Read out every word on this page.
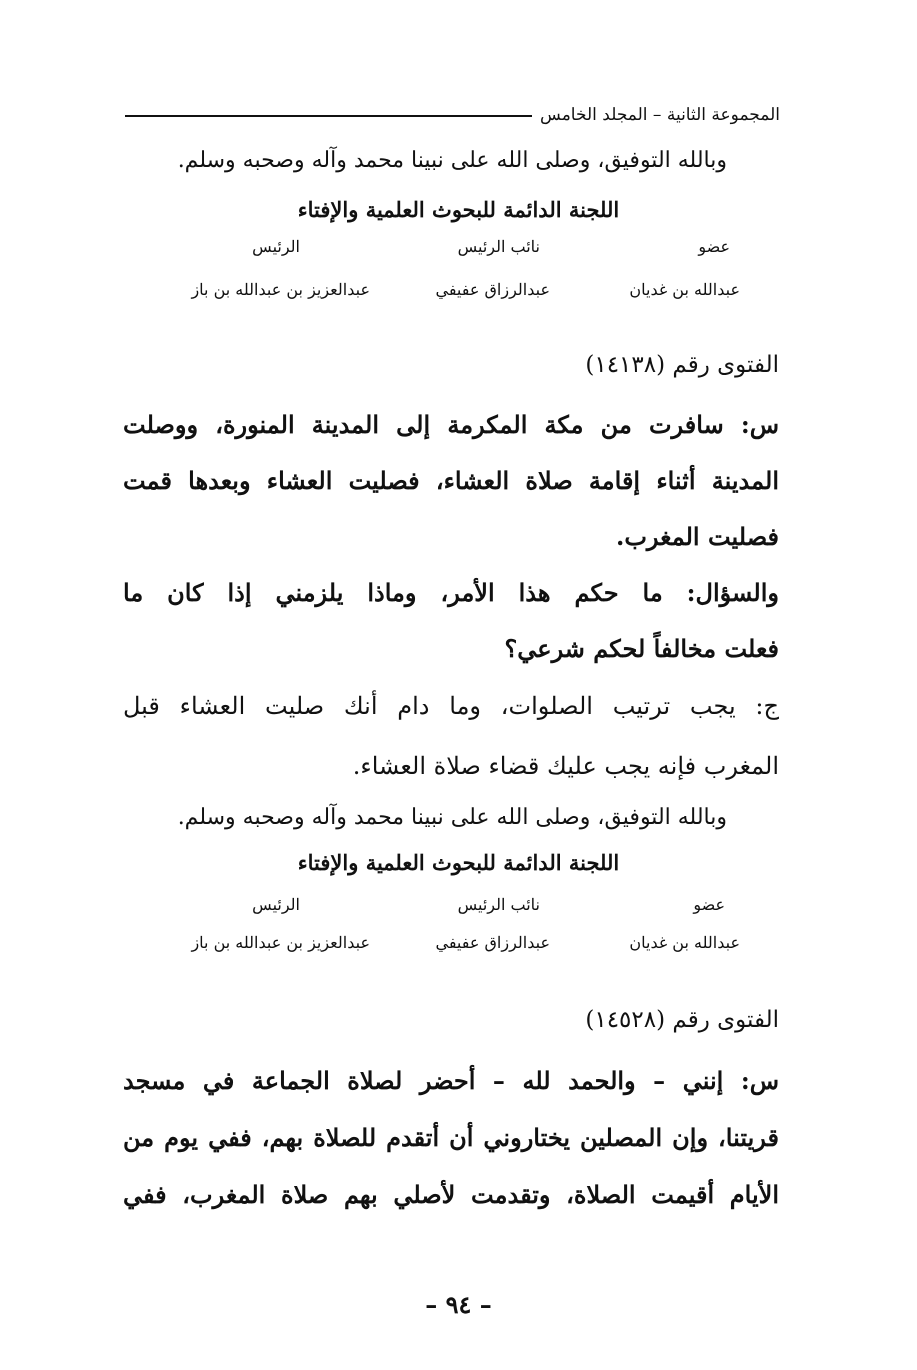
المجموعة الثانية – المجلد الخامس
وبالله التوفيق، وصلى الله على نبينا محمد وآله وصحبه وسلم.
اللجنة الدائمة للبحوث العلمية والإفتاء
الرئيس	نائب الرئيس	عضو
عبدالعزيز بن عبدالله بن باز	عبدالرزاق عفيفي	عبدالله بن غديان
الفتوى رقم (١٤١٣٨)
س: سافرت من مكة المكرمة إلى المدينة المنورة، ووصلت
المدينة أثناء إقامة صلاة العشاء، فصليت العشاء وبعدها قمت
فصليت المغرب.
والسؤال: ما حكم هذا الأمر، وماذا يلزمني إذا كان ما
فعلت مخالفاً لحكم شرعي؟
ج: يجب ترتيب الصلوات، وما دام أنك صليت العشاء قبل
المغرب فإنه يجب عليك قضاء صلاة العشاء.
وبالله التوفيق، وصلى الله على نبينا محمد وآله وصحبه وسلم.
اللجنة الدائمة للبحوث العلمية والإفتاء
الرئيس	نائب الرئيس	عضو
عبدالعزيز بن عبدالله بن باز	عبدالرزاق عفيفي	عبدالله بن غديان
الفتوى رقم (١٤٥٢٨)
س: إنني – والحمد لله – أحضر لصلاة الجماعة في مسجد
قريتنا، وإن المصلين يختاروني أن أتقدم للصلاة بهم، ففي يوم من
الأيام أقيمت الصلاة، وتقدمت لأصلي بهم صلاة المغرب، ففي
– ٩٤ –
